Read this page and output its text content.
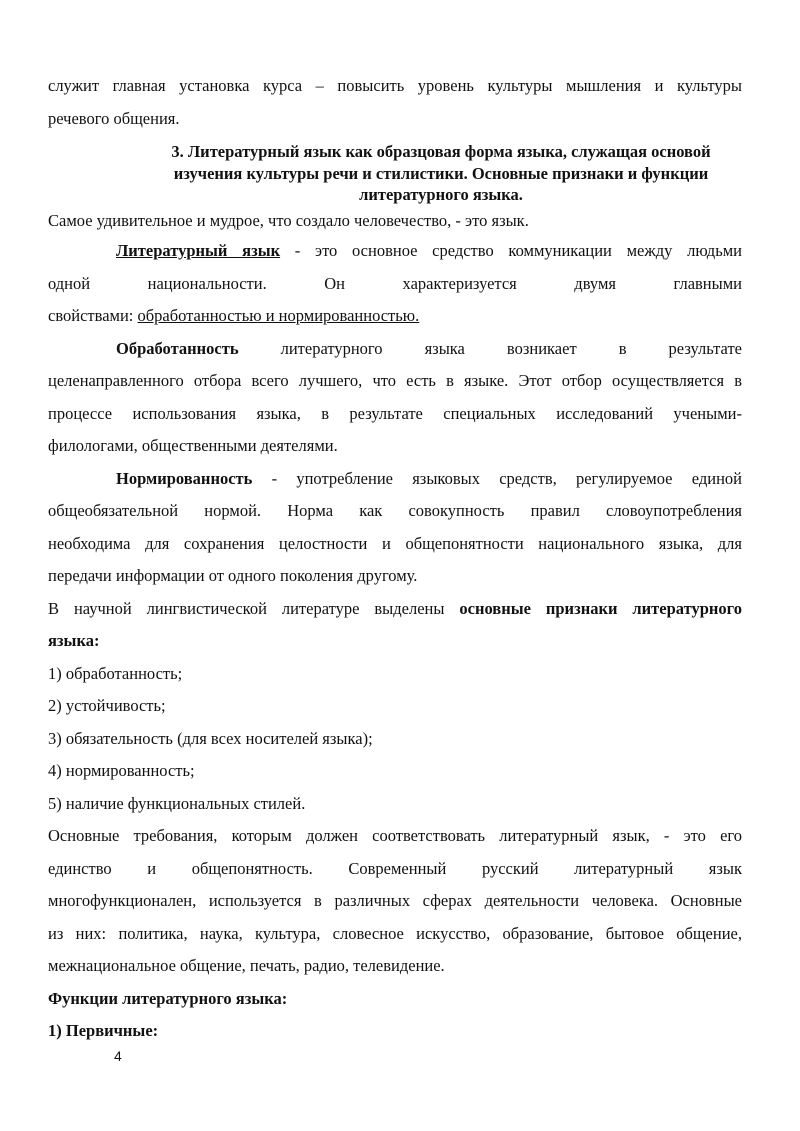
служит главная установка курса – повысить уровень культуры мышления и культуры

речевого общения.

3. Литературный язык как образцовая форма языка, служащая основой
изучения культуры речи и стилистики. Основные признаки и функции
литературного языка.

Самое удивительное и мудрое, что создало человечество, - это язык.

Литературный язык - это основное средство коммуникации между людьми

одной национальности. Он характеризуется двумя главными

свойствами: обработанностью и нормированностью.

Обработанность литературного языка возникает в результате

целенаправленного отбора всего лучшего, что есть в языке. Этот отбор осуществляется в

процессе использования языка, в результате специальных исследований учеными-

филологами, общественными деятелями.

Нормированность - употребление языковых средств, регулируемое единой

общеобязательной нормой. Норма как совокупность правил словоупотребления

необходима для сохранения целостности и общепонятности национального языка, для

передачи информации от одного поколения другому.

В научной лингвистической литературе выделены основные признаки литературного

языка:

1) обработанность;

2) устойчивость;

3) обязательность (для всех носителей языка);

4) нормированность;

5) наличие функциональных стилей.

Основные требования, которым должен соответствовать литературный язык, - это его

единство и общепонятность. Современный русский литературный язык

многофункционален, используется в различных сферах деятельности человека. Основные

из них: политика, наука, культура, словесное искусство, образование, бытовое общение,

межнациональное общение, печать, радио, телевидение.

Функции литературного языка:

1) Первичные:

4
